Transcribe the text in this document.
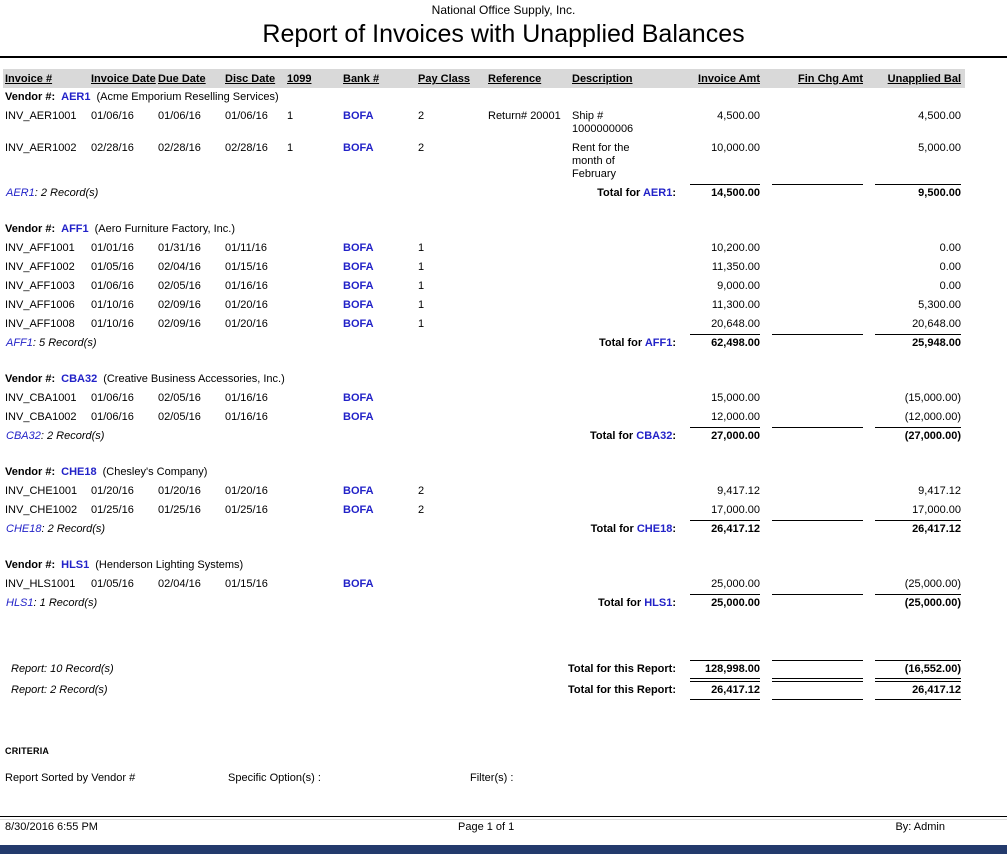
National Office Supply, Inc.
Report of Invoices with Unapplied Balances
Invoice #	Invoice Date	Due Date	Disc Date	1099	Bank #	Pay Class	Reference	Description	Invoice Amt	Fin Chg Amt	Unapplied Bal
Vendor #: AER1 (Acme Emporium Reselling Services)											
INV_AER1001	01/06/16	01/06/16	01/06/16	1	BOFA	2	Return# 20001	Ship # 1000000006	4,500.00		4,500.00
INV_AER1002	02/28/16	02/28/16	02/28/16	1	BOFA	2		Rent for the month of February	10,000.00		5,000.00
AER1: 2 Record(s)						Total for AER1:			14,500.00		9,500.00

Vendor #: AFF1 (Aero Furniture Factory, Inc.)											
INV_AFF1001	01/01/16	01/31/16	01/11/16		BOFA	1			10,200.00		0.00
INV_AFF1002	01/05/16	02/04/16	01/15/16		BOFA	1			11,350.00		0.00
INV_AFF1003	01/06/16	02/05/16	01/16/16		BOFA	1			9,000.00		0.00
INV_AFF1006	01/10/16	02/09/16	01/20/16		BOFA	1			11,300.00		5,300.00
INV_AFF1008	01/10/16	02/09/16	01/20/16		BOFA	1			20,648.00		20,648.00
AFF1: 5 Record(s)						Total for AFF1:			62,498.00		25,948.00

Vendor #: CBA32 (Creative Business Accessories, Inc.)											
INV_CBA1001	01/06/16	02/05/16	01/16/16		BOFA				15,000.00		(15,000.00)
INV_CBA1002	01/06/16	02/05/16	01/16/16		BOFA				12,000.00		(12,000.00)
CBA32: 2 Record(s)						Total for CBA32:			27,000.00		(27,000.00)

Vendor #: CHE18 (Chesley's Company)											
INV_CHE1001	01/20/16	01/20/16	01/20/16		BOFA	2			9,417.12		9,417.12
INV_CHE1002	01/25/16	01/25/16	01/25/16		BOFA	2			17,000.00		17,000.00
CHE18: 2 Record(s)						Total for CHE18:			26,417.12		26,417.12

Vendor #: HLS1 (Henderson Lighting Systems)											
INV_HLS1001	01/05/16	02/04/16	01/15/16		BOFA				25,000.00		(25,000.00)
HLS1: 1 Record(s)						Total for HLS1:			25,000.00		(25,000.00)

Report: 10 Record(s)						Total for this Report:			128,998.00		(16,552.00)

Report: 2 Record(s)						Total for this Report:			26,417.12		26,417.12
CRITERIA
Report Sorted by Vendor #	Specific Option(s) :	Filter(s) :
8/30/2016 6:55 PM	Page 1 of 1	By: Admin
